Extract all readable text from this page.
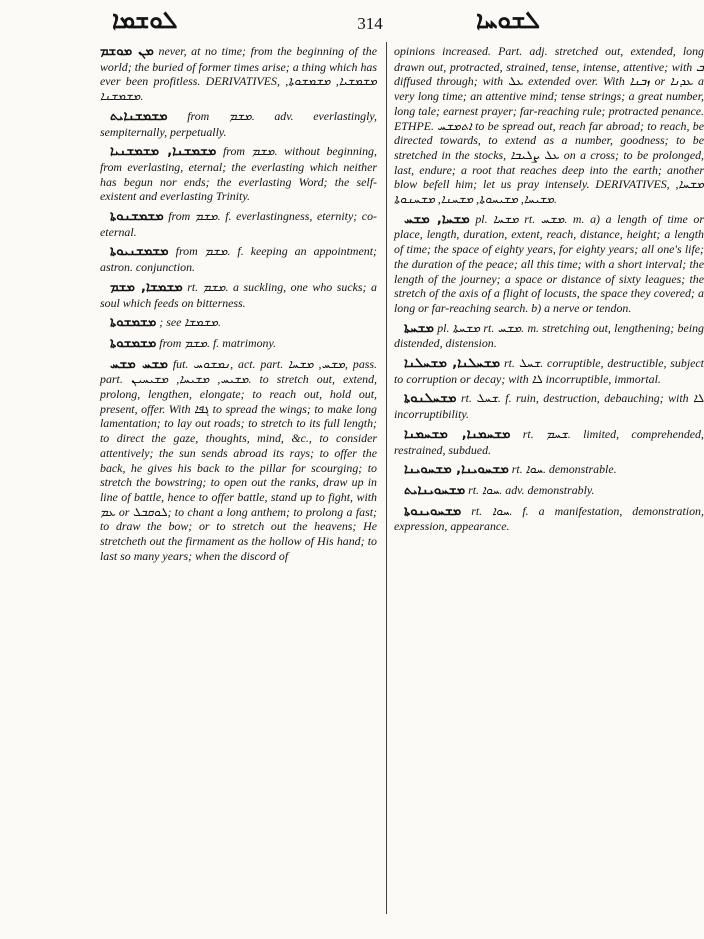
ܠܘܫܡܐ	314	ܠܫܘܚܐ

ܡܢ ܡܘܫܡ never, at no time; from the beginning of the world; the buried of former times arise; a thing which has ever been profitless. DERIVATIVES, ܡܫܡܫܝܐ, ܡܫܡܫܘܬܐ, ܡܫܡܫܢܐ.

ܡܫܡܫܢܐܝܬ from ܡܫܡ. adv. everlastingly, sempiternally, perpetually.

ܡܫܡܫܢܐ, ܡܫܡܫܢܝܐ from ܡܫܡ. without beginning, from everlasting, eternal; the everlasting which neither has begun nor ends; the everlasting Word; the self-existent and everlasting Trinity.

ܡܫܡܫܢܘܬܐ from ܡܫܡ. f. everlastingness, eternity; co-eternal.

ܡܫܡܫܢܝܘܬܐ from ܡܫܡ. f. keeping an appointment; astron. conjunction.

ܡܫܡܫܐ, ܡܫܡ rt. ܡܫܡ. a suckling, one who sucks; a soul which feeds on bitterness.

ܡܫܡܫܘܬܐ ; see ܡܫܡܫܐ.

ܡܫܡܫܘܬܐ from ܡܫܡ. f. matrimony.

ܡܫܚ ܡܫܚ fut. ܢܡܫܘܚ, act. part. ܡܫܚ, ܡܫܚܐ, pass. part. ܡܫܝܚ, ܡܫܝܚܐ, ܡܫܝܚܝܢ. to stretch out, extend, prolong, lengthen, elongate; to reach out, hold out, present, offer. With ܓܦܐ to spread the wings; to make long lamentation; to lay out roads; to stretch to its full length; to direct the gaze, thoughts, mind, &c., to consider attentively; the sun sends abroad its rays; to offer the back, he gives his back to the pillar for scourging; to stretch the bowstring; to open out the ranks, draw up in line of battle, hence to offer battle, stand up to fight, with ܥܡ or ܠܘܩܒܠ; to chant a long anthem; to prolong a fast; to draw the bow; or to stretch out the heavens; He stretcheth out the firmament as the hollow of His hand; to last so many years; when the discord of

opinions increased. Part. adj. stretched out, extended, long drawn out, protracted, strained, tense, intense, attentive; with ܒ diffused through; with ܥܠ extended over. With ܙܒܢܐ or ܥܕܢܐ a very long time; an attentive mind; tense strings; a great number, long tale; earnest prayer; far-reaching rule; protracted penance. ETHPE. ܐܬܡܫܚ to be spread out, reach far abroad; to reach, be directed towards, to extend as a number, goodness; to be stretched in the stocks, ܥܠ ܨܠܝܒܐ on a cross; to be prolonged, last, endure; a root that reaches deep into the earth; another blow befell him; let us pray intensely. DERIVATIVES, ܡܫܚܐ, ܡܫܝܚܐ, ܡܫܝܚܘܬܐ, ܡܫܚܢܐ, ܡܫܚܢܘܬܐ.

ܡܫܚܐ, ܡܫܚ pl. ܡܫܚܐ rt. ܡܫܚ. m. a) a length of time or place, length, duration, extent, reach, distance, height; a length of time; the space of eighty years, for eighty years; all one's life; the duration of the peace; all this time; with a short interval; the length of the journey; a space or distance of sixty leagues; the stretch of the axis of a flight of locusts, the space they covered; a long or far-reaching search. b) a nerve or tendon.

ܡܫܚܬܐ pl. ܡܫܚܬܐ rt. ܡܫܚ. m. stretching out, lengthening; being distended, distension.

ܡܫܚܠܢܐ, ܡܫܚܠܢܐ rt. ܫܚܠ. corruptible, destructible, subject to corruption or decay; with ܠܐ incorruptible, immortal.

ܡܫܚܠܢܘܬܐ rt. ܫܚܠ. f. ruin, destruction, debauching; with ܠܐ incorruptibility.

ܡܫܚܡܢܐ, ܡܫܚܡܢܐ rt. ܫܚܡ. limited, comprehended, restrained, subdued.

ܡܫܚܘܝܢܐ, ܡܫܚܘܝܢܐ rt. ܚܘܐ. demonstrable.

ܡܫܚܘܝܢܐܝܬ rt. ܚܘܐ. adv. demonstrably.

ܡܫܚܘܝܢܘܬܐ rt. ܚܘܐ. f. a manifestation, demonstration, expression, appearance.
